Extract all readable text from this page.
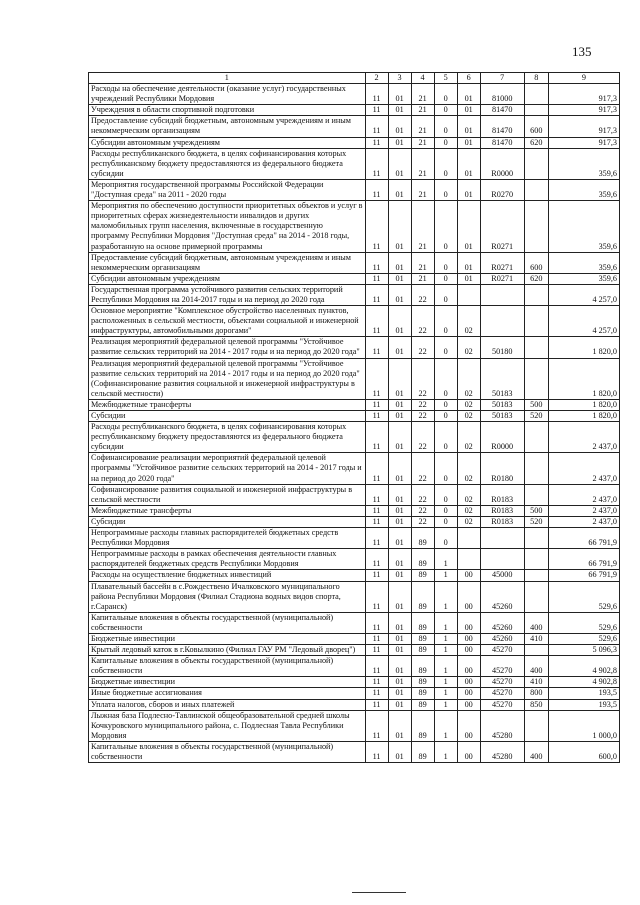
135
1	2	3	4	5	6	7	8	9
Расходы на обеспечение деятельности (оказание услуг) государственных учреждений Республики Мордовия	11	01	21	0	01	81000		917,3
Учреждения в области спортивной подготовки	11	01	21	0	01	81470		917,3
Предоставление субсидий бюджетным, автономным учреждениям и иным некоммерческим организациям	11	01	21	0	01	81470	600	917,3
Субсидии автономным учреждениям	11	01	21	0	01	81470	620	917,3
Расходы республиканского бюджета, в целях софинансирования которых республиканскому бюджету предоставляются из федерального бюджета субсидии	11	01	21	0	01	R0000		359,6
Мероприятия государственной программы Российской Федерации "Доступная среда" на 2011 - 2020 годы	11	01	21	0	01	R0270		359,6
Мероприятия по обеспечению доступности приоритетных объектов и услуг в приоритетных сферах жизнедеятельности инвалидов и других маломобильных групп населения, включенные в государственную программу Республики Мордовия "Доступная среда" на 2014 - 2018 годы, разработанную на основе примерной программы	11	01	21	0	01	R0271		359,6
Предоставление субсидий бюджетным, автономным учреждениям и иным некоммерческим организациям	11	01	21	0	01	R0271	600	359,6
Субсидии автономным учреждениям	11	01	21	0	01	R0271	620	359,6
Государственная программа устойчивого развития сельских территорий Республики Мордовия на 2014-2017 годы и на период до 2020 года	11	01	22	0				4 257,0
Основное мероприятие "Комплексное обустройство населенных пунктов, расположенных в сельской местности, объектами социальной и инженерной инфраструктуры, автомобильными дорогами"	11	01	22	0	02			4 257,0
Реализация мероприятий федеральной целевой программы "Устойчивое развитие сельских территорий на 2014 - 2017 годы и на период до 2020 года"	11	01	22	0	02	50180		1 820,0
Реализация мероприятий федеральной целевой программы "Устойчивое развитие сельских территорий на 2014 - 2017 годы и на период до 2020 года" (Софинансирование развития социальной и инженерной инфраструктуры в сельской местности)	11	01	22	0	02	50183		1 820,0
Межбюджетные трансферты	11	01	22	0	02	50183	500	1 820,0
Субсидии	11	01	22	0	02	50183	520	1 820,0
Расходы республиканского бюджета, в целях софинансирования которых республиканскому бюджету предоставляются из федерального бюджета субсидии	11	01	22	0	02	R0000		2 437,0
Софинансирование реализации мероприятий федеральной целевой программы "Устойчивое развитие сельских территорий на 2014 - 2017 годы и на период до 2020 года"	11	01	22	0	02	R0180		2 437,0
Софинансирование развития социальной и инженерной инфраструктуры в сельской местности	11	01	22	0	02	R0183		2 437,0
Межбюджетные трансферты	11	01	22	0	02	R0183	500	2 437,0
Субсидии	11	01	22	0	02	R0183	520	2 437,0
Непрограммные расходы главных распорядителей бюджетных средств Республики Мордовия	11	01	89	0				66 791,9
Непрограммные расходы в рамках обеспечения деятельности главных распорядителей бюджетных средств Республики Мордовия	11	01	89	1				66 791,9
Расходы на осуществление бюджетных инвестиций	11	01	89	1	00	45000		66 791,9
Плавательный бассейн в с.Рождествено Ичалковского муниципального района Республики Мордовия (Филиал Стадиона водных видов спорта, г.Саранск)	11	01	89	1	00	45260		529,6
Капитальные вложения в объекты государственной (муниципальной) собственности	11	01	89	1	00	45260	400	529,6
Бюджетные инвестиции	11	01	89	1	00	45260	410	529,6
Крытый ледовый каток в г.Ковылкино (Филиал ГАУ РМ "Ледовый дворец")	11	01	89	1	00	45270		5 096,3
Капитальные вложения в объекты государственной (муниципальной) собственности	11	01	89	1	00	45270	400	4 902,8
Бюджетные инвестиции	11	01	89	1	00	45270	410	4 902,8
Иные бюджетные ассигнования	11	01	89	1	00	45270	800	193,5
Уплата налогов, сборов и иных платежей	11	01	89	1	00	45270	850	193,5
Лыжная база Подлесно-Тавлинской общеобразовательной средней школы Кочкуровского муниципального района, с. Подлесная Тавла Республики Мордовия	11	01	89	1	00	45280		1 000,0
Капитальные вложения в объекты государственной (муниципальной) собственности	11	01	89	1	00	45280	400	600,0
